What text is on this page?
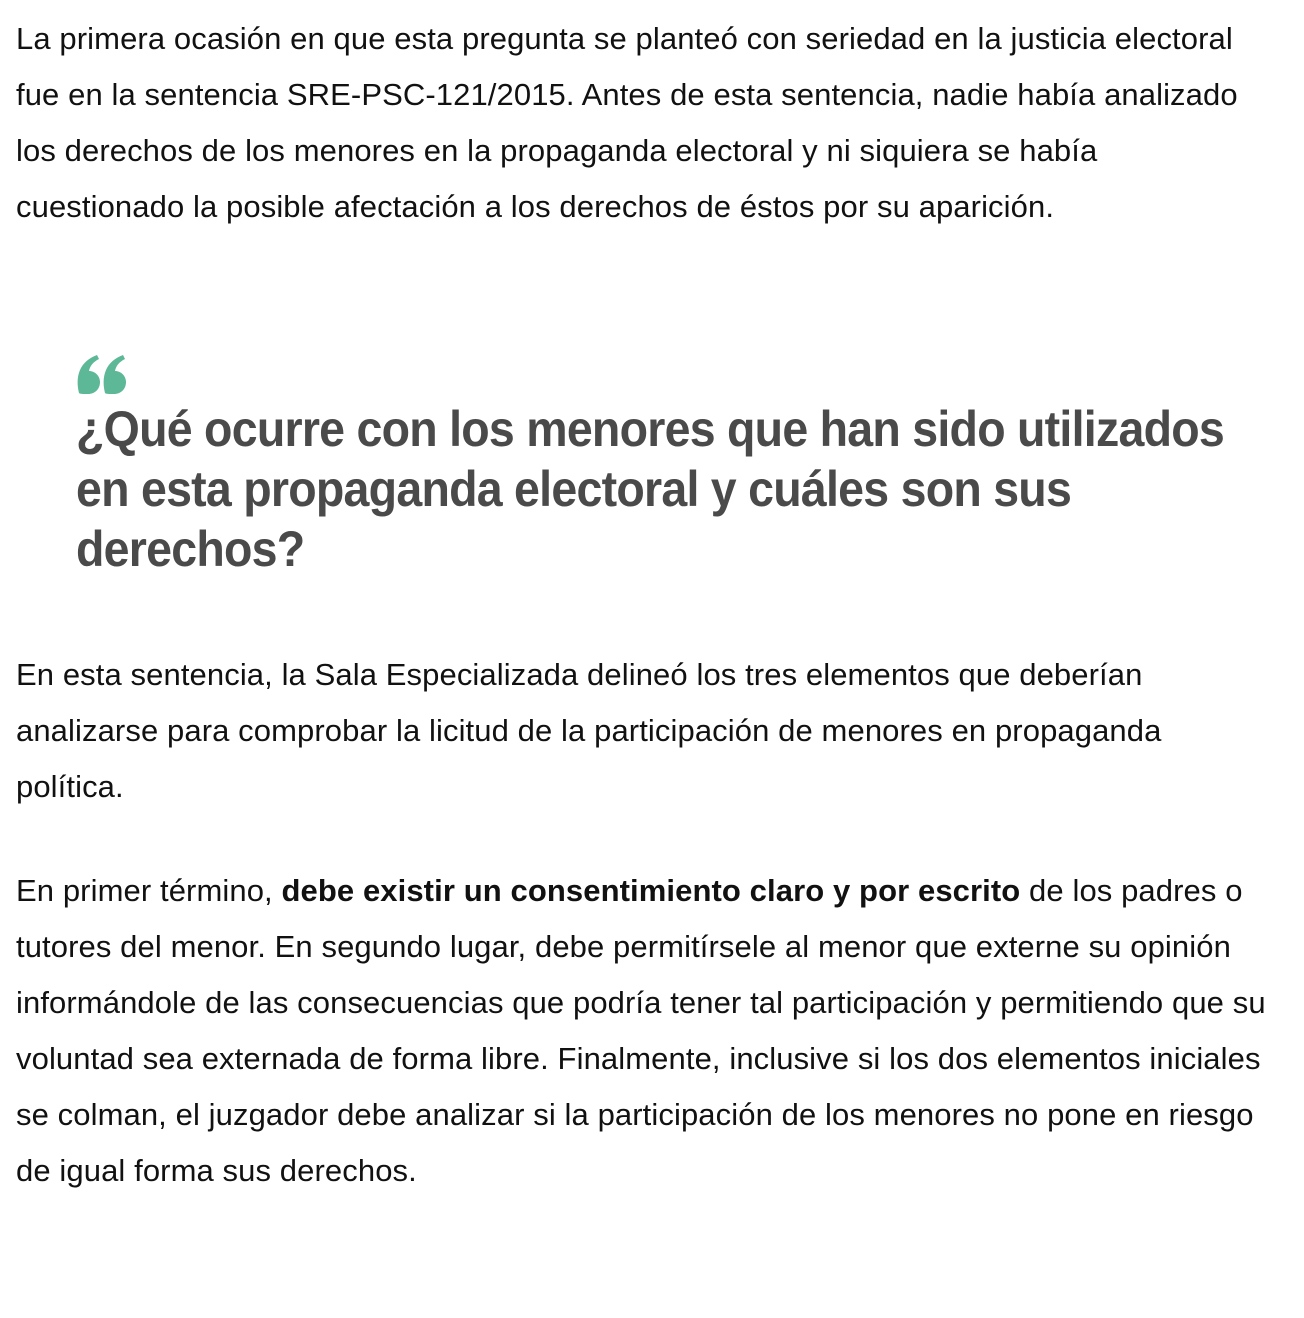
La primera ocasión en que esta pregunta se planteó con seriedad en la justicia electoral fue en la sentencia SRE-PSC-121/2015. Antes de esta sentencia, nadie había analizado los derechos de los menores en la propaganda electoral y ni siquiera se había cuestionado la posible afectación a los derechos de éstos por su aparición.

¿Qué ocurre con los menores que han sido utilizados en esta propaganda electoral y cuáles son sus derechos?

En esta sentencia, la Sala Especializada delineó los tres elementos que deberían analizarse para comprobar la licitud de la participación de menores en propaganda política.

En primer término, debe existir un consentimiento claro y por escrito de los padres o tutores del menor. En segundo lugar, debe permitírsele al menor que externe su opinión informándole de las consecuencias que podría tener tal participación y permitiendo que su voluntad sea externada de forma libre. Finalmente, inclusive si los dos elementos iniciales se colman, el juzgador debe analizar si la participación de los menores no pone en riesgo de igual forma sus derechos.
